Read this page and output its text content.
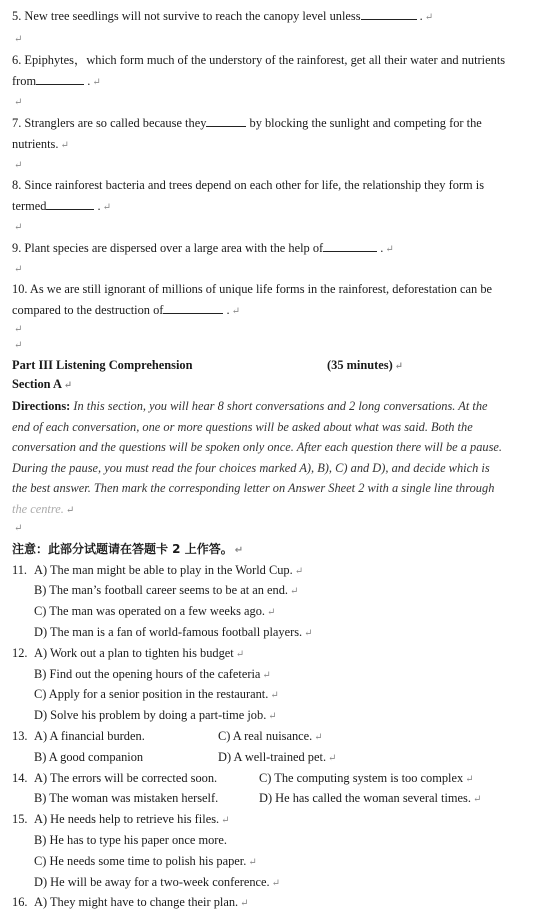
5. New tree seedlings will not survive to reach the canopy level unless	. ↵
↵
6. Epiphytes，which form much of the understory of the rainforest, get all their water and nutrients
from	. ↵
↵
7. Stranglers are so called because they	by blocking the sunlight and competing for the
nutrients. ↵
↵
8. Since rainforest bacteria and trees depend on each other for life, the relationship they form is
termed	. ↵
↵
9. Plant species are dispersed over a large area with the help of	. ↵
↵
10. As we are still ignorant of millions of unique life forms in the rainforest, deforestation can be
compared to the destruction of	. ↵
↵
↵
Part III Listening Comprehension	(35 minutes) ↵
Section A ↵
Directions: In this section, you will hear 8 short conversations and 2 long conversations. At the
end of each conversation, one or more questions will be asked about what was said. Both the
conversation and the questions will be spoken only once. After each question there will be a pause.
During the pause, you must read the four choices marked A), B), C) and D), and decide which is
the best answer. Then mark the corresponding letter on Answer Sheet 2 with a single line through
the centre. ↵
↵
注意：此部分试题请在答题卡 2 上作答。 ↵
11. A) The man might be able to play in the World Cup. ↵
B) The man’s football career seems to be at an end. ↵
C) The man was operated on a few weeks ago. ↵
D) The man is a fan of world-famous football players. ↵
12. A) Work out a plan to tighten his budget ↵
B) Find out the opening hours of the cafeteria ↵
C) Apply for a senior position in the restaurant. ↵
D) Solve his problem by doing a part-time job. ↵
13. A) A financial burden.	C) A real nuisance. ↵
B) A good companion	D) A well-trained pet. ↵
14. A) The errors will be corrected soon.	C) The computing system is too complex ↵
B) The woman was mistaken herself.	D) He has called the woman several times. ↵
15. A) He needs help to retrieve his files. ↵
B) He has to type his paper once more.
C) He needs some time to polish his paper. ↵
D) He will be away for a two-week conference. ↵
16. A) They might have to change their plan. ↵
